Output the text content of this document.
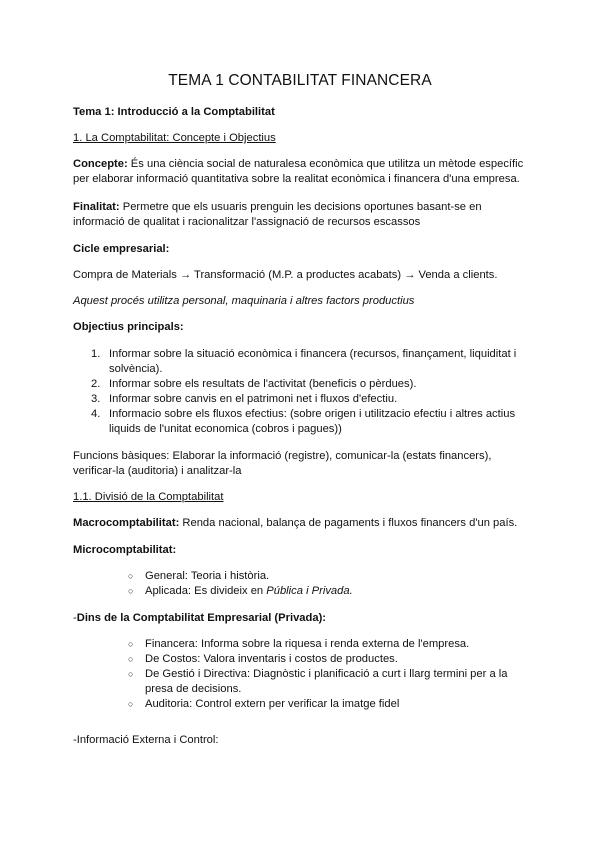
TEMA 1 CONTABILITAT FINANCERA
Tema 1: Introducció a la Comptabilitat
1. La Comptabilitat: Concepte i Objectius
Concepte: És una ciència social de naturalesa econòmica que utilitza un mètode específic
per elaborar informació quantitativa sobre la realitat econòmica i financera d'una empresa.
Finalitat: Permetre que els usuaris prenguin les decisions oportunes basant-se en
informació de qualitat i racionalitzar l'assignació de recursos escassos
Cicle empresarial:
Compra de Materials → Transformació (M.P. a productes acabats) → Venda a clients.
Aquest procés utilitza personal, maquinaria i altres factors productius
Objectius principals:
1. Informar sobre la situació econòmica i financera (recursos, finançament, liquiditat i
solvència).
2. Informar sobre els resultats de l'activitat (beneficis o pèrdues).
3. Informar sobre canvis en el patrimoni net i fluxos d'efectiu.
4. Informacio sobre els fluxos efectius: (sobre origen i utilitzacio efectiu i altres actius
liquids de l'unitat economica (cobros i pagues))
Funcions bàsiques: Elaborar la informació (registre), comunicar-la (estats financers),
verificar-la (auditoria) i analitzar-la
1.1. Divisió de la Comptabilitat
Macrocomptabilitat: Renda nacional, balança de pagaments i fluxos financers d'un país.
Microcomptabilitat:
○ General: Teoria i història.
○ Aplicada: Es divideix en Pública i Privada.
-Dins de la Comptabilitat Empresarial (Privada):
○ Financera: Informa sobre la riquesa i renda externa de l'empresa.
○ De Costos: Valora inventaris i costos de productes.
○ De Gestió i Directiva: Diagnòstic i planificació a curt i llarg termini per a la
presa de decisions.
○ Auditoria: Control extern per verificar la imatge fidel
-Informació Externa i Control:
